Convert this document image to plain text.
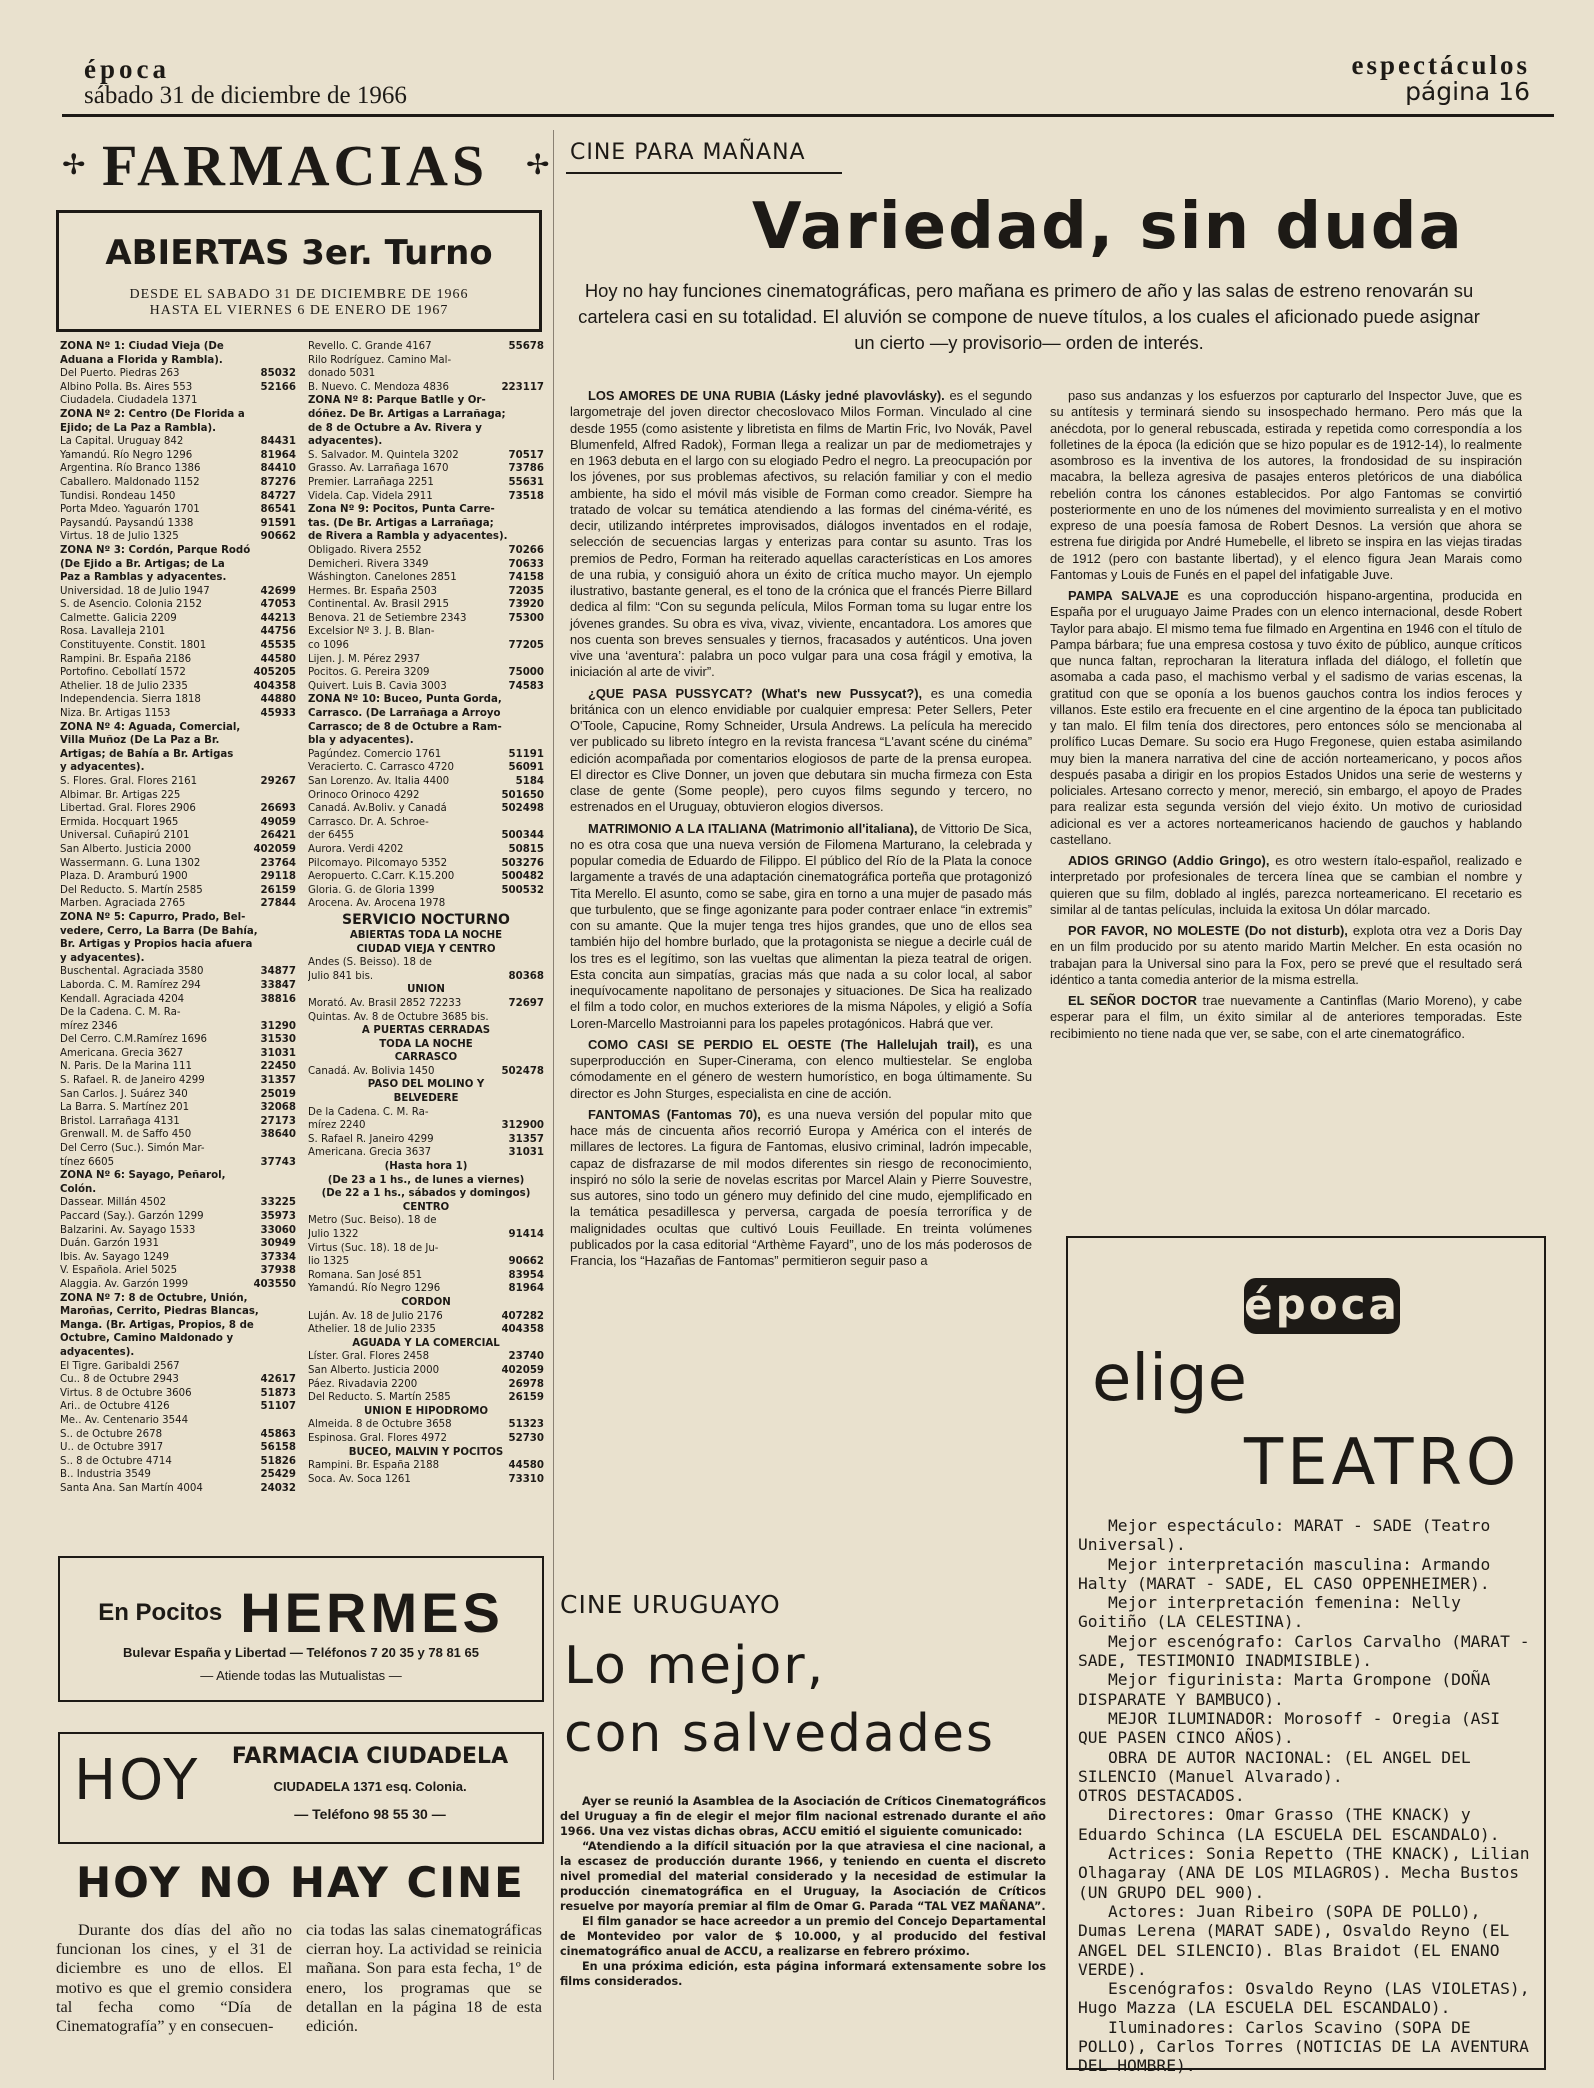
época
sábado 31 de diciembre de 1966
espectáculos
página 16
✢ FARMACIAS ✢
ABIERTAS 3er. Turno
DESDE EL SABADO 31 DE DICIEMBRE DE 1966
HASTA EL VIERNES 6 DE ENERO DE 1967
ZONA Nº 1: Ciudad Vieja (De
Aduana a Florida y Rambla).
Del Puerto. Piedras 263	85032
Albino Polla. Bs. Aires 553	52166
Ciudadela. Ciudadela 1371
ZONA Nº 2: Centro (De Florida a
Ejido; de La Paz a Rambla).
La Capital. Uruguay 842	84431
Yamandú. Río Negro 1296	81964
Argentina. Río Branco 1386	84410
Caballero. Maldonado 1152	87276
Tundisi. Rondeau 1450	84727
Porta Mdeo. Yaguarón 1701	86541
Paysandú. Paysandú 1338	91591
Virtus. 18 de Julio 1325	90662
ZONA Nº 3: Cordón, Parque Rodó
(De Ejido a Br. Artigas; de La
Paz a Ramblas y adyacentes.
Universidad. 18 de Julio 1947	42699
S. de Asencio. Colonia 2152	47053
Calmette. Galicia 2209	44213
Rosa. Lavalleja 2101	44756
Constituyente. Constit. 1801	45535
Rampini. Br. España 2186	44580
Portofino. Cebollatí 1572	405205
Athelier. 18 de Julio 2335	404358
Independencia. Sierra 1818	44880
Niza. Br. Artigas 1153	45933
ZONA Nº 4: Aguada, Comercial,
Villa Muñoz (De La Paz a Br.
Artigas; de Bahía a Br. Artigas
y adyacentes).
S. Flores. Gral. Flores 2161	29267
Albimar. Br. Artigas 225
Libertad. Gral. Flores 2906	26693
Ermida. Hocquart 1965	49059
Universal. Cuñapirú 2101	26421
San Alberto. Justicia 2000	402059
Wassermann. G. Luna 1302	23764
Plaza. D. Aramburú 1900	29118
Del Reducto. S. Martín 2585	26159
Marben. Agraciada 2765	27844
ZONA Nº 5: Capurro, Prado, Bel-
vedere, Cerro, La Barra (De Bahía,
Br. Artigas y Propios hacia afuera
y adyacentes).
Buschental. Agraciada 3580	34877
Laborda. C. M. Ramírez 294	33847
Kendall. Agraciada 4204	38816
De la Cadena. C. M. Ra-
mírez 2346	31290
Del Cerro. C.M.Ramírez 1696	31530
Americana. Grecia 3627	31031
N. Paris. De la Marina 111	22450
S. Rafael. R. de Janeiro 4299	31357
San Carlos. J. Suárez 340	25019
La Barra. S. Martínez 201	32068
Bristol. Larrañaga 4131	27173
Grenwall. M. de Saffo 450	38640
Del Cerro (Suc.). Simón Mar-
tínez 6605	37743
ZONA Nº 6: Sayago, Peñarol,
Colón.
Dassear. Millán 4502	33225
Paccard (Say.). Garzón 1299	35973
Balzarini. Av. Sayago 1533	33060
Duán. Garzón 1931	30949
Ibis. Av. Sayago 1249	37334
V. Española. Ariel 5025	37938
Alaggia. Av. Garzón 1999	403550
ZONA Nº 7: 8 de Octubre, Unión,
Maroñas, Cerrito, Piedras Blancas,
Manga. (Br. Artigas, Propios, 8 de
Octubre, Camino Maldonado y
adyacentes).
El Tigre. Garibaldi 2567
Cu.. 8 de Octubre 2943	42617
Virtus. 8 de Octubre 3606	51873
Ari.. de Octubre 4126	51107
Me.. Av. Centenario 3544
S.. de Octubre 2678	45863
U.. de Octubre 3917	56158
S.. 8 de Octubre 4714	51826
B.. Industria 3549	25429
Santa Ana. San Martín 4004	24032
Revello. C. Grande 4167	55678
Rilo Rodríguez. Camino Mal-
donado 5031
B. Nuevo. C. Mendoza 4836	223117
ZONA Nº 8: Parque Batlle y Or-
dóñez. De Br. Artigas a Larrañaga;
de 8 de Octubre a Av. Rivera y
adyacentes).
S. Salvador. M. Quintela 3202	70517
Grasso. Av. Larrañaga 1670	73786
Premier. Larrañaga 2251	55631
Videla. Cap. Videla 2911	73518
Zona Nº 9: Pocitos, Punta Carre-
tas. (De Br. Artigas a Larrañaga;
de Rivera a Rambla y adyacentes).
Obligado. Rivera 2552	70266
Demicheri. Rivera 3349	70633
Wáshington. Canelones 2851	74158
Hermes. Br. España 2503	72035
Continental. Av. Brasil 2915	73920
Benova. 21 de Setiembre 2343	75300
Excelsior Nº 3. J. B. Blan-
co 1096	77205
Lijen. J. M. Pérez 2937
Pocitos. G. Pereira 3209	75000
Quivert. Luis B. Cavia 3003	74583
ZONA Nº 10: Buceo, Punta Gorda,
Carrasco. (De Larrañaga a Arroyo
Carrasco; de 8 de Octubre a Ram-
bla y adyacentes).
Pagúndez. Comercio 1761	51191
Veracierto. C. Carrasco 4720	56091
San Lorenzo. Av. Italia 4400	5184
Orinoco Orinoco 4292	501650
Canadá. Av.Boliv. y Canadá	502498
Carrasco. Dr. A. Schroe-
der 6455	500344
Aurora. Verdi 4202	50815
Pilcomayo. Pilcomayo 5352	503276
Aeropuerto. C.Carr. K.15.200	500482
Gloria. G. de Gloria 1399	500532
Arocena. Av. Arocena 1978
SERVICIO NOCTURNO
ABIERTAS TODA LA NOCHE
CIUDAD VIEJA Y CENTRO
Andes (S. Beisso). 18 de
Julio 841 bis.	80368
UNION
Morató. Av. Brasil 2852 72233	72697
Quintas. Av. 8 de Octubre 3685 bis.
A PUERTAS CERRADAS
TODA LA NOCHE
CARRASCO
Canadá. Av. Bolivia 1450	502478
PASO DEL MOLINO Y
BELVEDERE
De la Cadena. C. M. Ra-
mírez 2240	312900
S. Rafael R. Janeiro 4299	31357
Americana. Grecia 3637	31031
(Hasta hora 1)
(De 23 a 1 hs., de lunes a viernes)
(De 22 a 1 hs., sábados y domingos)
CENTRO
Metro (Suc. Beiso). 18 de
Julio 1322	91414
Virtus (Suc. 18). 18 de Ju-
lio 1325	90662
Romana. San José 851	83954
Yamandú. Río Negro 1296	81964
CORDON
Luján. Av. 18 de Julio 2176	407282
Athelier. 18 de Julio 2335	404358
AGUADA Y LA COMERCIAL
Líster. Gral. Flores 2458	23740
San Alberto. Justicia 2000	402059
Páez. Rivadavia 2200	26978
Del Reducto. S. Martín 2585	26159
UNION E HIPODROMO
Almeida. 8 de Octubre 3658	51323
Espinosa. Gral. Flores 4972	52730
BUCEO, MALVIN Y POCITOS
Rampini. Br. España 2188	44580
Soca. Av. Soca 1261	73310
En Pocitos HERMES
Bulevar España y Libertad — Teléfonos 7 20 35 y 78 81 65
— Atiende todas las Mutualistas —
HOY	FARMACIA CIUDADELA
CIUDADELA 1371 esq. Colonia.
— Teléfono 98 55 30 —
HOY NO HAY CINE
Durante dos días del año no funcionan los cines, y el 31 de diciembre es uno de ellos. El motivo es que el gremio considera tal fecha como “Día de Cinematografía” y en consecuen-
cia todas las salas cinematográficas cierran hoy. La actividad se reinicia mañana. Son para esta fecha, 1º de enero, los programas que se detallan en la página 18 de esta edición.
CINE PARA MAÑANA
Variedad, sin duda
Hoy no hay funciones cinematográficas, pero mañana es primero de año y las salas de estreno renovarán su cartelera casi en su totalidad. El aluvión se compone de nueve títulos, a los cuales el aficionado puede asignar un cierto —y provisorio— orden de interés.

LOS AMORES DE UNA RUBIA (Lásky jedné plavovlásky). es el segundo largometraje del joven director checoslovaco Milos Forman. Vinculado al cine desde 1955 (como asistente y libretista en films de Martin Fric, Ivo Novák, Pavel Blumenfeld, Alfred Radok), Forman llega a realizar un par de mediometrajes y en 1963 debuta en el largo con su elogiado Pedro el negro. La preocupación por los jóvenes, por sus problemas afectivos, su relación familiar y con el medio ambiente, ha sido el móvil más visible de Forman como creador. Siempre ha tratado de volcar su temática atendiendo a las formas del cinéma-vérité, es decir, utilizando intérpretes improvisados, diálogos inventados en el rodaje, selección de secuencias largas y enterizas para contar su asunto. Tras los premios de Pedro, Forman ha reiterado aquellas características en Los amores de una rubia, y consiguió ahora un éxito de crítica mucho mayor. Un ejemplo ilustrativo, bastante general, es el tono de la crónica que el francés Pierre Billard dedica al film: “Con su segunda película, Milos Forman toma su lugar entre los jóvenes grandes. Su obra es viva, vivaz, viviente, encantadora. Los amores que nos cuenta son breves sensuales y tiernos, fracasados y auténticos. Una joven vive una ‘aventura’: palabra un poco vulgar para una cosa frágil y emotiva, la iniciación al arte de vivir”.

¿QUE PASA PUSSYCAT? (What's new Pussycat?), es una comedia británica con un elenco envidiable por cualquier empresa: Peter Sellers, Peter O'Toole, Capucine, Romy Schneider, Ursula Andrews. La película ha merecido ver publicado su libreto íntegro en la revista francesa “L'avant scéne du cinéma” edición acompañada por comentarios elogiosos de parte de la prensa europea. El director es Clive Donner, un joven que debutara sin mucha firmeza con Esta clase de gente (Some people), pero cuyos films segundo y tercero, no estrenados en el Uruguay, obtuvieron elogios diversos.

MATRIMONIO A LA ITALIANA (Matrimonio all'italiana), de Vittorio De Sica, no es otra cosa que una nueva versión de Filomena Marturano, la celebrada y popular comedia de Eduardo de Filippo. El público del Río de la Plata la conoce largamente a través de una adaptación cinematográfica porteña que protagonizó Tita Merello. El asunto, como se sabe, gira en torno a una mujer de pasado más que turbulento, que se finge agonizante para poder contraer enlace “in extremis” con su amante. Que la mujer tenga tres hijos grandes, que uno de ellos sea también hijo del hombre burlado, que la protagonista se niegue a decirle cuál de los tres es el legítimo, son las vueltas que alimentan la pieza teatral de origen. Esta concita aun simpatías, gracias más que nada a su color local, al sabor inequívocamente napolitano de personajes y situaciones. De Sica ha realizado el film a todo color, en muchos exteriores de la misma Nápoles, y eligió a Sofía Loren-Marcello Mastroianni para los papeles protagónicos. Habrá que ver.

COMO CASI SE PERDIO EL OESTE (The Hallelujah trail), es una superproducción en Super-Cinerama, con elenco multiestelar. Se engloba cómodamente en el género de western humorístico, en boga últimamente. Su director es John Sturges, especialista en cine de acción.

FANTOMAS (Fantomas 70), es una nueva versión del popular mito que hace más de cincuenta años recorrió Europa y América con el interés de millares de lectores. La figura de Fantomas, elusivo criminal, ladrón impecable, capaz de disfrazarse de mil modos diferentes sin riesgo de reconocimiento, inspiró no sólo la serie de novelas escritas por Marcel Alain y Pierre Souvestre, sus autores, sino todo un género muy definido del cine mudo, ejemplificado en la temática pesadillesca y perversa, cargada de poesía terrorífica y de malignidades ocultas que cultivó Louis Feuillade. En treinta volúmenes publicados por la casa editorial “Arthème Fayard”, uno de los más poderosos de Francia, los “Hazañas de Fantomas” permitieron seguir paso a

paso sus andanzas y los esfuerzos por capturarlo del Inspector Juve, que es su antítesis y terminará siendo su insospechado hermano. Pero más que la anécdota, por lo general rebuscada, estirada y repetida como correspondía a los folletines de la época (la edición que se hizo popular es de 1912-14), lo realmente asombroso es la inventiva de los autores, la frondosidad de su inspiración macabra, la belleza agresiva de pasajes enteros pletóricos de una diabólica rebelión contra los cánones establecidos. Por algo Fantomas se convirtió posteriormente en uno de los númenes del movimiento surrealista y en el motivo expreso de una poesía famosa de Robert Desnos. La versión que ahora se estrena fue dirigida por André Humebelle, el libreto se inspira en las viejas tiradas de 1912 (pero con bastante libertad), y el elenco figura Jean Marais como Fantomas y Louis de Funés en el papel del infatigable Juve.

PAMPA SALVAJE es una coproducción hispano-argentina, producida en España por el uruguayo Jaime Prades con un elenco internacional, desde Robert Taylor para abajo. El mismo tema fue filmado en Argentina en 1946 con el título de Pampa bárbara; fue una empresa costosa y tuvo éxito de público, aunque críticos que nunca faltan, reprocharan la literatura inflada del diálogo, el folletín que asomaba a cada paso, el machismo verbal y el sadismo de varias escenas, la gratitud con que se oponía a los buenos gauchos contra los indios feroces y villanos. Este estilo era frecuente en el cine argentino de la época tan publicitado y tan malo. El film tenía dos directores, pero entonces sólo se mencionaba al prolífico Lucas Demare. Su socio era Hugo Fregonese, quien estaba asimilando muy bien la manera narrativa del cine de acción norteamericano, y pocos años después pasaba a dirigir en los propios Estados Unidos una serie de westerns y policiales. Artesano correcto y menor, mereció, sin embargo, el apoyo de Prades para realizar esta segunda versión del viejo éxito. Un motivo de curiosidad adicional es ver a actores norteamericanos haciendo de gauchos y hablando castellano.

ADIOS GRINGO (Addio Gringo), es otro western ítalo-español, realizado e interpretado por profesionales de tercera línea que se cambian el nombre y quieren que su film, doblado al inglés, parezca norteamericano. El recetario es similar al de tantas películas, incluida la exitosa Un dólar marcado.

POR FAVOR, NO MOLESTE (Do not disturb), explota otra vez a Doris Day en un film producido por su atento marido Martin Melcher. En esta ocasión no trabajan para la Universal sino para la Fox, pero se prevé que el resultado será idéntico a tanta comedia anterior de la misma estrella.

EL SEÑOR DOCTOR trae nuevamente a Cantinflas (Mario Moreno), y cabe esperar para el film, un éxito similar al de anteriores temporadas. Este recibimiento no tiene nada que ver, se sabe, con el arte cinematográfico.

CINE URUGUAYO
Lo mejor,
con salvedades

Ayer se reunió la Asamblea de la Asociación de Críticos Cinematográficos del Uruguay a fin de elegir el mejor film nacional estrenado durante el año 1966. Una vez vistas dichas obras, ACCU emitió el siguiente comunicado:

“Atendiendo a la difícil situación por la que atraviesa el cine nacional, a la escasez de producción durante 1966, y teniendo en cuenta el discreto nivel promedial del material considerado y la necesidad de estimular la producción cinematográfica en el Uruguay, la Asociación de Críticos resuelve por mayoría premiar al film de Omar G. Parada “TAL VEZ MAÑANA”.

El film ganador se hace acreedor a un premio del Concejo Departamental de Montevideo por valor de $ 10.000, y al producido del festival cinematográfico anual de ACCU, a realizarse en febrero próximo.

En una próxima edición, esta página informará extensamente sobre los films considerados.

época
elige
TEATRO

Mejor espectáculo: MARAT - SADE (Teatro Universal).

Mejor interpretación masculina: Armando Halty (MARAT - SADE, EL CASO OPPENHEIMER).

Mejor interpretación femenina: Nelly Goitiño (LA CELESTINA).

Mejor escenógrafo: Carlos Carvalho (MARAT - SADE, TESTIMONIO INADMISIBLE).

Mejor figurinista: Marta Grompone (DOÑA DISPARATE Y BAMBUCO).

MEJOR ILUMINADOR: Morosoff - Oregia (ASI QUE PASEN CINCO AÑOS).

OBRA DE AUTOR NACIONAL: (EL ANGEL DEL SILENCIO (Manuel Alvarado).

OTROS DESTACADOS.

Directores: Omar Grasso (THE KNACK) y Eduardo Schinca (LA ESCUELA DEL ESCANDALO).

Actrices: Sonia Repetto (THE KNACK), Lilian Olhagaray (ANA DE LOS MILAGROS). Mecha Bustos (UN GRUPO DEL 900).

Actores: Juan Ribeiro (SOPA DE POLLO), Dumas Lerena (MARAT SADE), Osvaldo Reyno (EL ANGEL DEL SILENCIO). Blas Braidot (EL ENANO VERDE).

Escenógrafos: Osvaldo Reyno (LAS VIOLETAS), Hugo Mazza (LA ESCUELA DEL ESCANDALO).

Iluminadores: Carlos Scavino (SOPA DE POLLO), Carlos Torres (NOTICIAS DE LA AVENTURA DEL HOMBRE).
